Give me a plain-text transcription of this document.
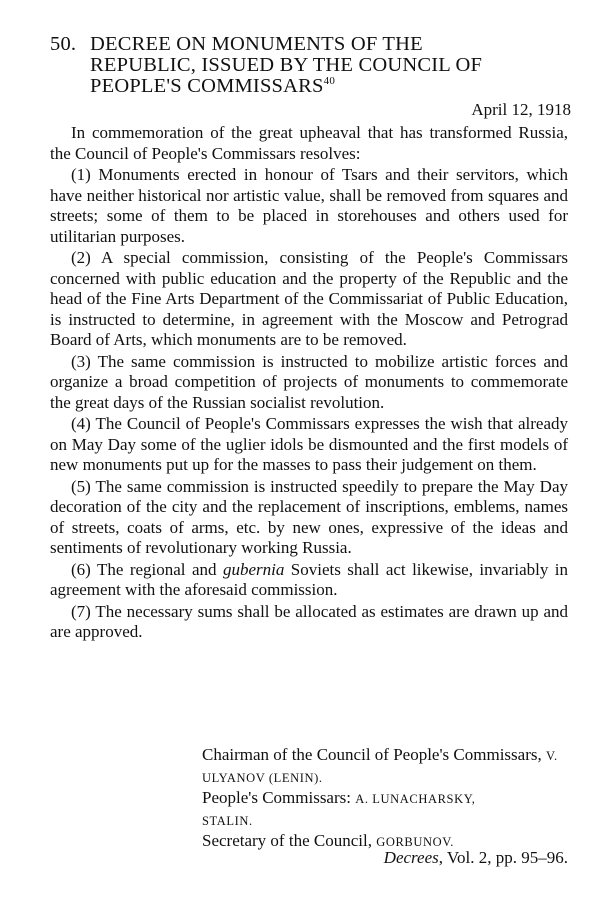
50. DECREE ON MONUMENTS OF THE
REPUBLIC, ISSUED BY THE COUNCIL OF
PEOPLE'S COMMISSARS$^{40}$
April 12, 1918

In commemoration of the great upheaval that has transformed Russia, the Council of People's Commissars resolves:

(1) Monuments erected in honour of Tsars and their servitors, which have neither historical nor artistic value, shall be removed from squares and streets; some of them to be placed in storehouses and others used for utilitarian purposes.

(2) A special commission, consisting of the People's Commissars concerned with public education and the property of the Republic and the head of the Fine Arts Department of the Commissariat of Public Education, is instructed to determine, in agreement with the Moscow and Petrograd Board of Arts, which monuments are to be removed.

(3) The same commission is instructed to mobilize artistic forces and organize a broad competition of projects of monuments to commemorate the great days of the Russian socialist revolution.

(4) The Council of People's Commissars expresses the wish that already on May Day some of the uglier idols be dismounted and the first models of new monuments put up for the masses to pass their judgement on them.

(5) The same commission is instructed speedily to prepare the May Day decoration of the city and the replacement of inscriptions, emblems, names of streets, coats of arms, etc. by new ones, expressive of the ideas and sentiments of revolutionary working Russia.

(6) The regional and gubernia Soviets shall act likewise, invariably in agreement with the aforesaid commission.

(7) The necessary sums shall be allocated as estimates are drawn up and are approved.

Chairman of the Council of People's Commissars, V. ULYANOV (LENIN).
People's Commissars: A. LUNACHARSKY,
STALIN.
Secretary of the Council, GORBUNOV.
Decrees, Vol. 2, pp. 95–96.
